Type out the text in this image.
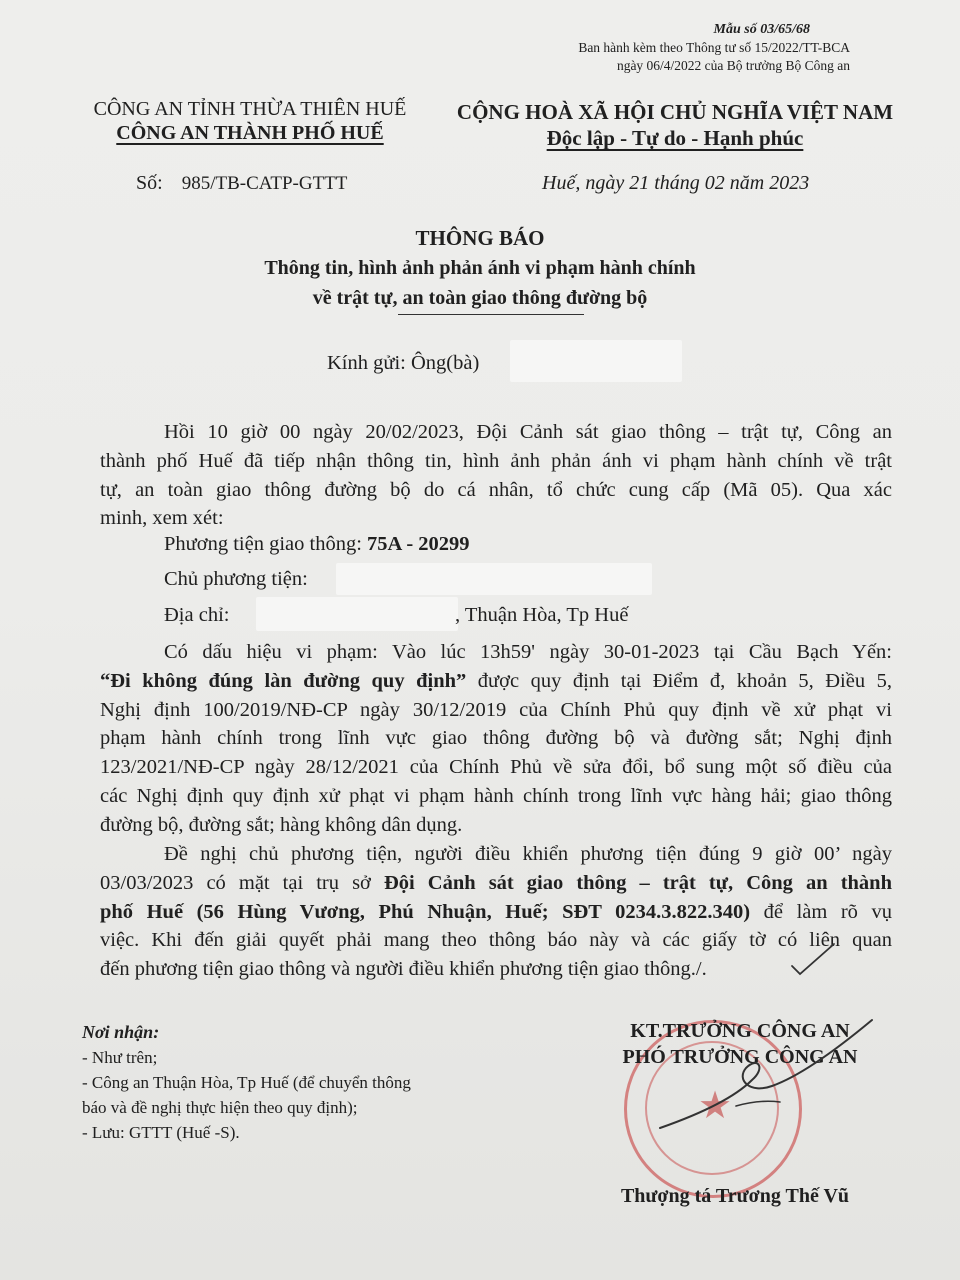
Mẫu số 03/65/68
Ban hành kèm theo Thông tư số 15/2022/TT-BCA
ngày 06/4/2022 của Bộ trưởng Bộ Công an
CÔNG AN TỈNH THỪA THIÊN HUẾ
CÔNG AN THÀNH PHỐ HUẾ
Số: 985/TB-CATP-GTTT
CỘNG HOÀ XÃ HỘI CHỦ NGHĨA VIỆT NAM
Độc lập - Tự do - Hạnh phúc
Huế, ngày 21 tháng 02 năm 2023
THÔNG BÁO
Thông tin, hình ảnh phản ánh vi phạm hành chính
về trật tự, an toàn giao thông đường bộ
Kính gửi: Ông(bà)
Hồi 10 giờ 00 ngày 20/02/2023, Đội Cảnh sát giao thông – trật tự, Công an
thành phố Huế đã tiếp nhận thông tin, hình ảnh phản ánh vi phạm hành chính về trật
tự, an toàn giao thông đường bộ do cá nhân, tổ chức cung cấp (Mã 05). Qua xác
minh, xem xét:
Phương tiện giao thông: 75A - 20299
Chủ phương tiện:
Địa chỉ:	, Thuận Hòa, Tp Huế
Có dấu hiệu vi phạm: Vào lúc 13h59' ngày 30-01-2023 tại Cầu Bạch Yến:
“Đi không đúng làn đường quy định” được quy định tại Điểm đ, khoản 5, Điều 5,
Nghị định 100/2019/NĐ-CP ngày 30/12/2019 của Chính Phủ quy định về xử phạt vi
phạm hành chính trong lĩnh vực giao thông đường bộ và đường sắt; Nghị định
123/2021/NĐ-CP ngày 28/12/2021 của Chính Phủ về sửa đổi, bổ sung một số điều của
các Nghị định quy định xử phạt vi phạm hành chính trong lĩnh vực hàng hải; giao thông
đường bộ, đường sắt; hàng không dân dụng.
Đề nghị chủ phương tiện, người điều khiển phương tiện đúng 9 giờ 00’ ngày
03/03/2023 có mặt tại trụ sở Đội Cảnh sát giao thông – trật tự, Công an thành
phố Huế (56 Hùng Vương, Phú Nhuận, Huế; SĐT 0234.3.822.340) để làm rõ vụ
việc. Khi đến giải quyết phải mang theo thông báo này và các giấy tờ có liên quan
đến phương tiện giao thông và người điều khiển phương tiện giao thông./.
Nơi nhận:
- Như trên;
- Công an Thuận Hòa, Tp Huế (để chuyển thông
báo và đề nghị thực hiện theo quy định);
- Lưu: GTTT (Huế -S).
★
KT.TRƯỞNG CÔNG AN
PHÓ TRƯỞNG CÔNG AN
Thượng tá Trương Thế Vũ
